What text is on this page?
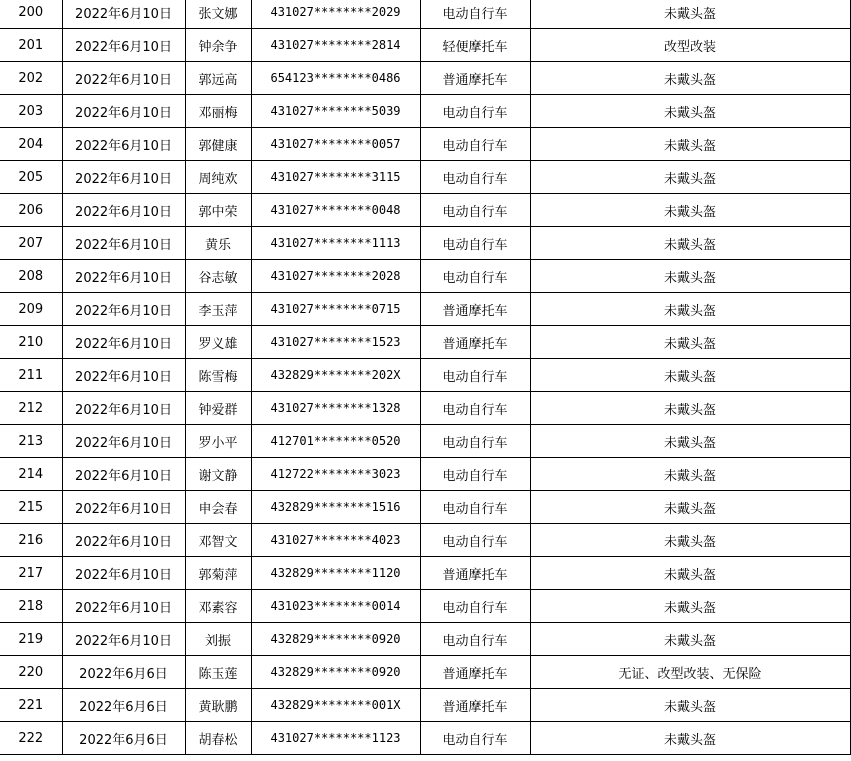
200	2022年6月10日	张文娜	431027********2029	电动自行车	未戴头盔
201	2022年6月10日	钟余争	431027********2814	轻便摩托车	改型改装
202	2022年6月10日	郭远高	654123********0486	普通摩托车	未戴头盔
203	2022年6月10日	邓丽梅	431027********5039	电动自行车	未戴头盔
204	2022年6月10日	郭健康	431027********0057	电动自行车	未戴头盔
205	2022年6月10日	周纯欢	431027********3115	电动自行车	未戴头盔
206	2022年6月10日	郭中荣	431027********0048	电动自行车	未戴头盔
207	2022年6月10日	黄乐	431027********1113	电动自行车	未戴头盔
208	2022年6月10日	谷志敏	431027********2028	电动自行车	未戴头盔
209	2022年6月10日	李玉萍	431027********0715	普通摩托车	未戴头盔
210	2022年6月10日	罗义雄	431027********1523	普通摩托车	未戴头盔
211	2022年6月10日	陈雪梅	432829********202X	电动自行车	未戴头盔
212	2022年6月10日	钟爱群	431027********1328	电动自行车	未戴头盔
213	2022年6月10日	罗小平	412701********0520	电动自行车	未戴头盔
214	2022年6月10日	谢文静	412722********3023	电动自行车	未戴头盔
215	2022年6月10日	申会春	432829********1516	电动自行车	未戴头盔
216	2022年6月10日	邓智文	431027********4023	电动自行车	未戴头盔
217	2022年6月10日	郭菊萍	432829********1120	普通摩托车	未戴头盔
218	2022年6月10日	邓素容	431023********0014	电动自行车	未戴头盔
219	2022年6月10日	刘振	432829********0920	电动自行车	未戴头盔
220	2022年6月6日	陈玉莲	432829********0920	普通摩托车	无证、改型改装、无保险
221	2022年6月6日	黄耿鹏	432829********001X	普通摩托车	未戴头盔
222	2022年6月6日	胡春松	431027********1123	电动自行车	未戴头盔
